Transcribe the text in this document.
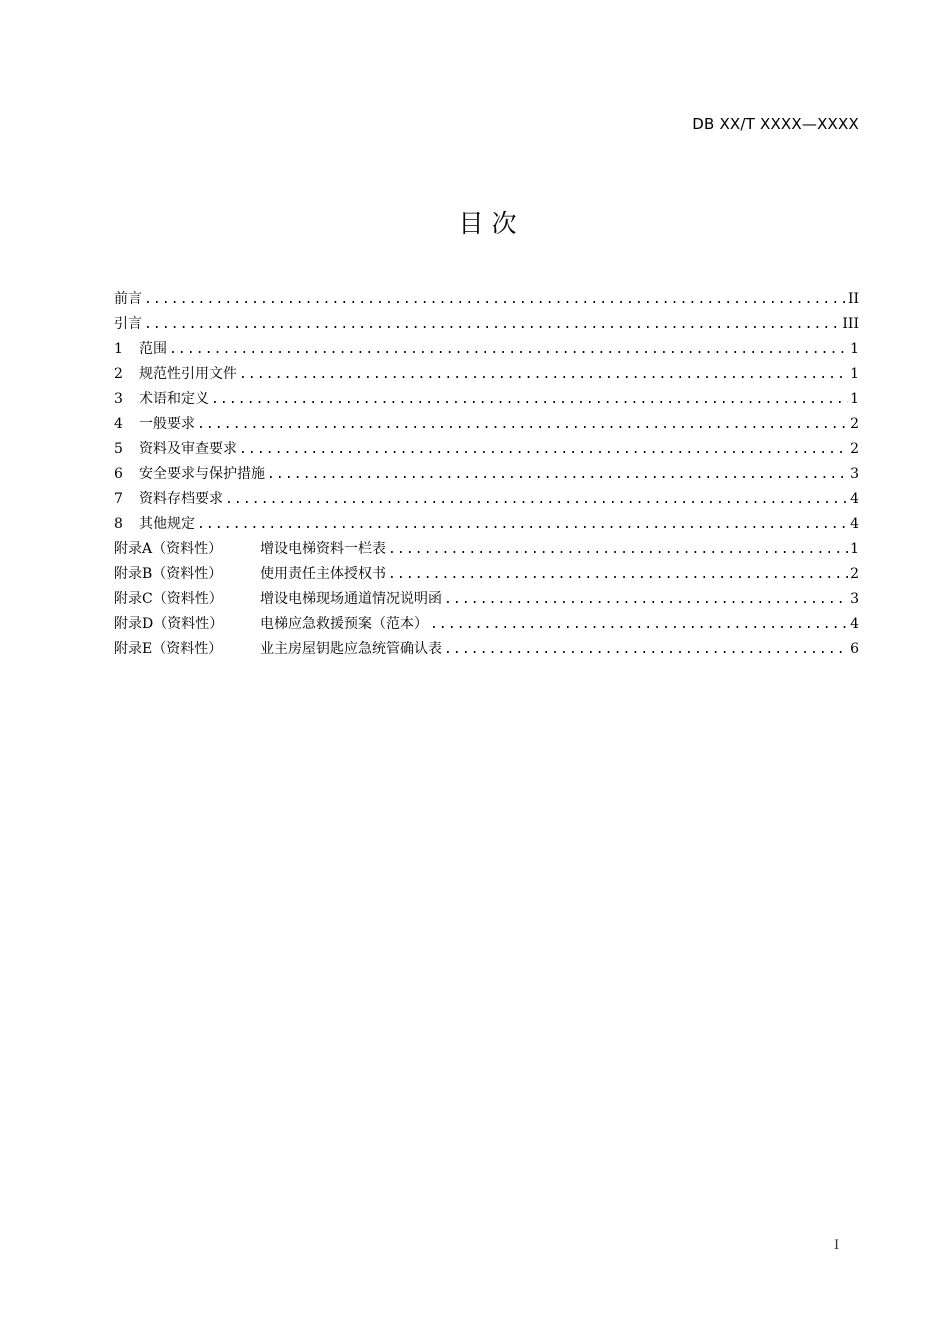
DB XX/T XXXX—XXXX
目 次
前言 .....	II
引言 .....	III
1	范围 .....	1
2	规范性引用文件 .....	1
3	术语和定义 .....	1
4	一般要求 .....	2
5	资料及审查要求 .....	2
6	安全要求与保护措施 .....	3
7	资料存档要求 .....	4
8	其他规定 .....	4
附录A（资料性）	增设电梯资料一栏表 .....	1
附录B（资料性）	使用责任主体授权书 .....	2
附录C（资料性）	增设电梯现场通道情况说明函 .....	3
附录D（资料性）	电梯应急救援预案（范本） .....	4
附录E（资料性）	业主房屋钥匙应急统管确认表 .....	6
I
